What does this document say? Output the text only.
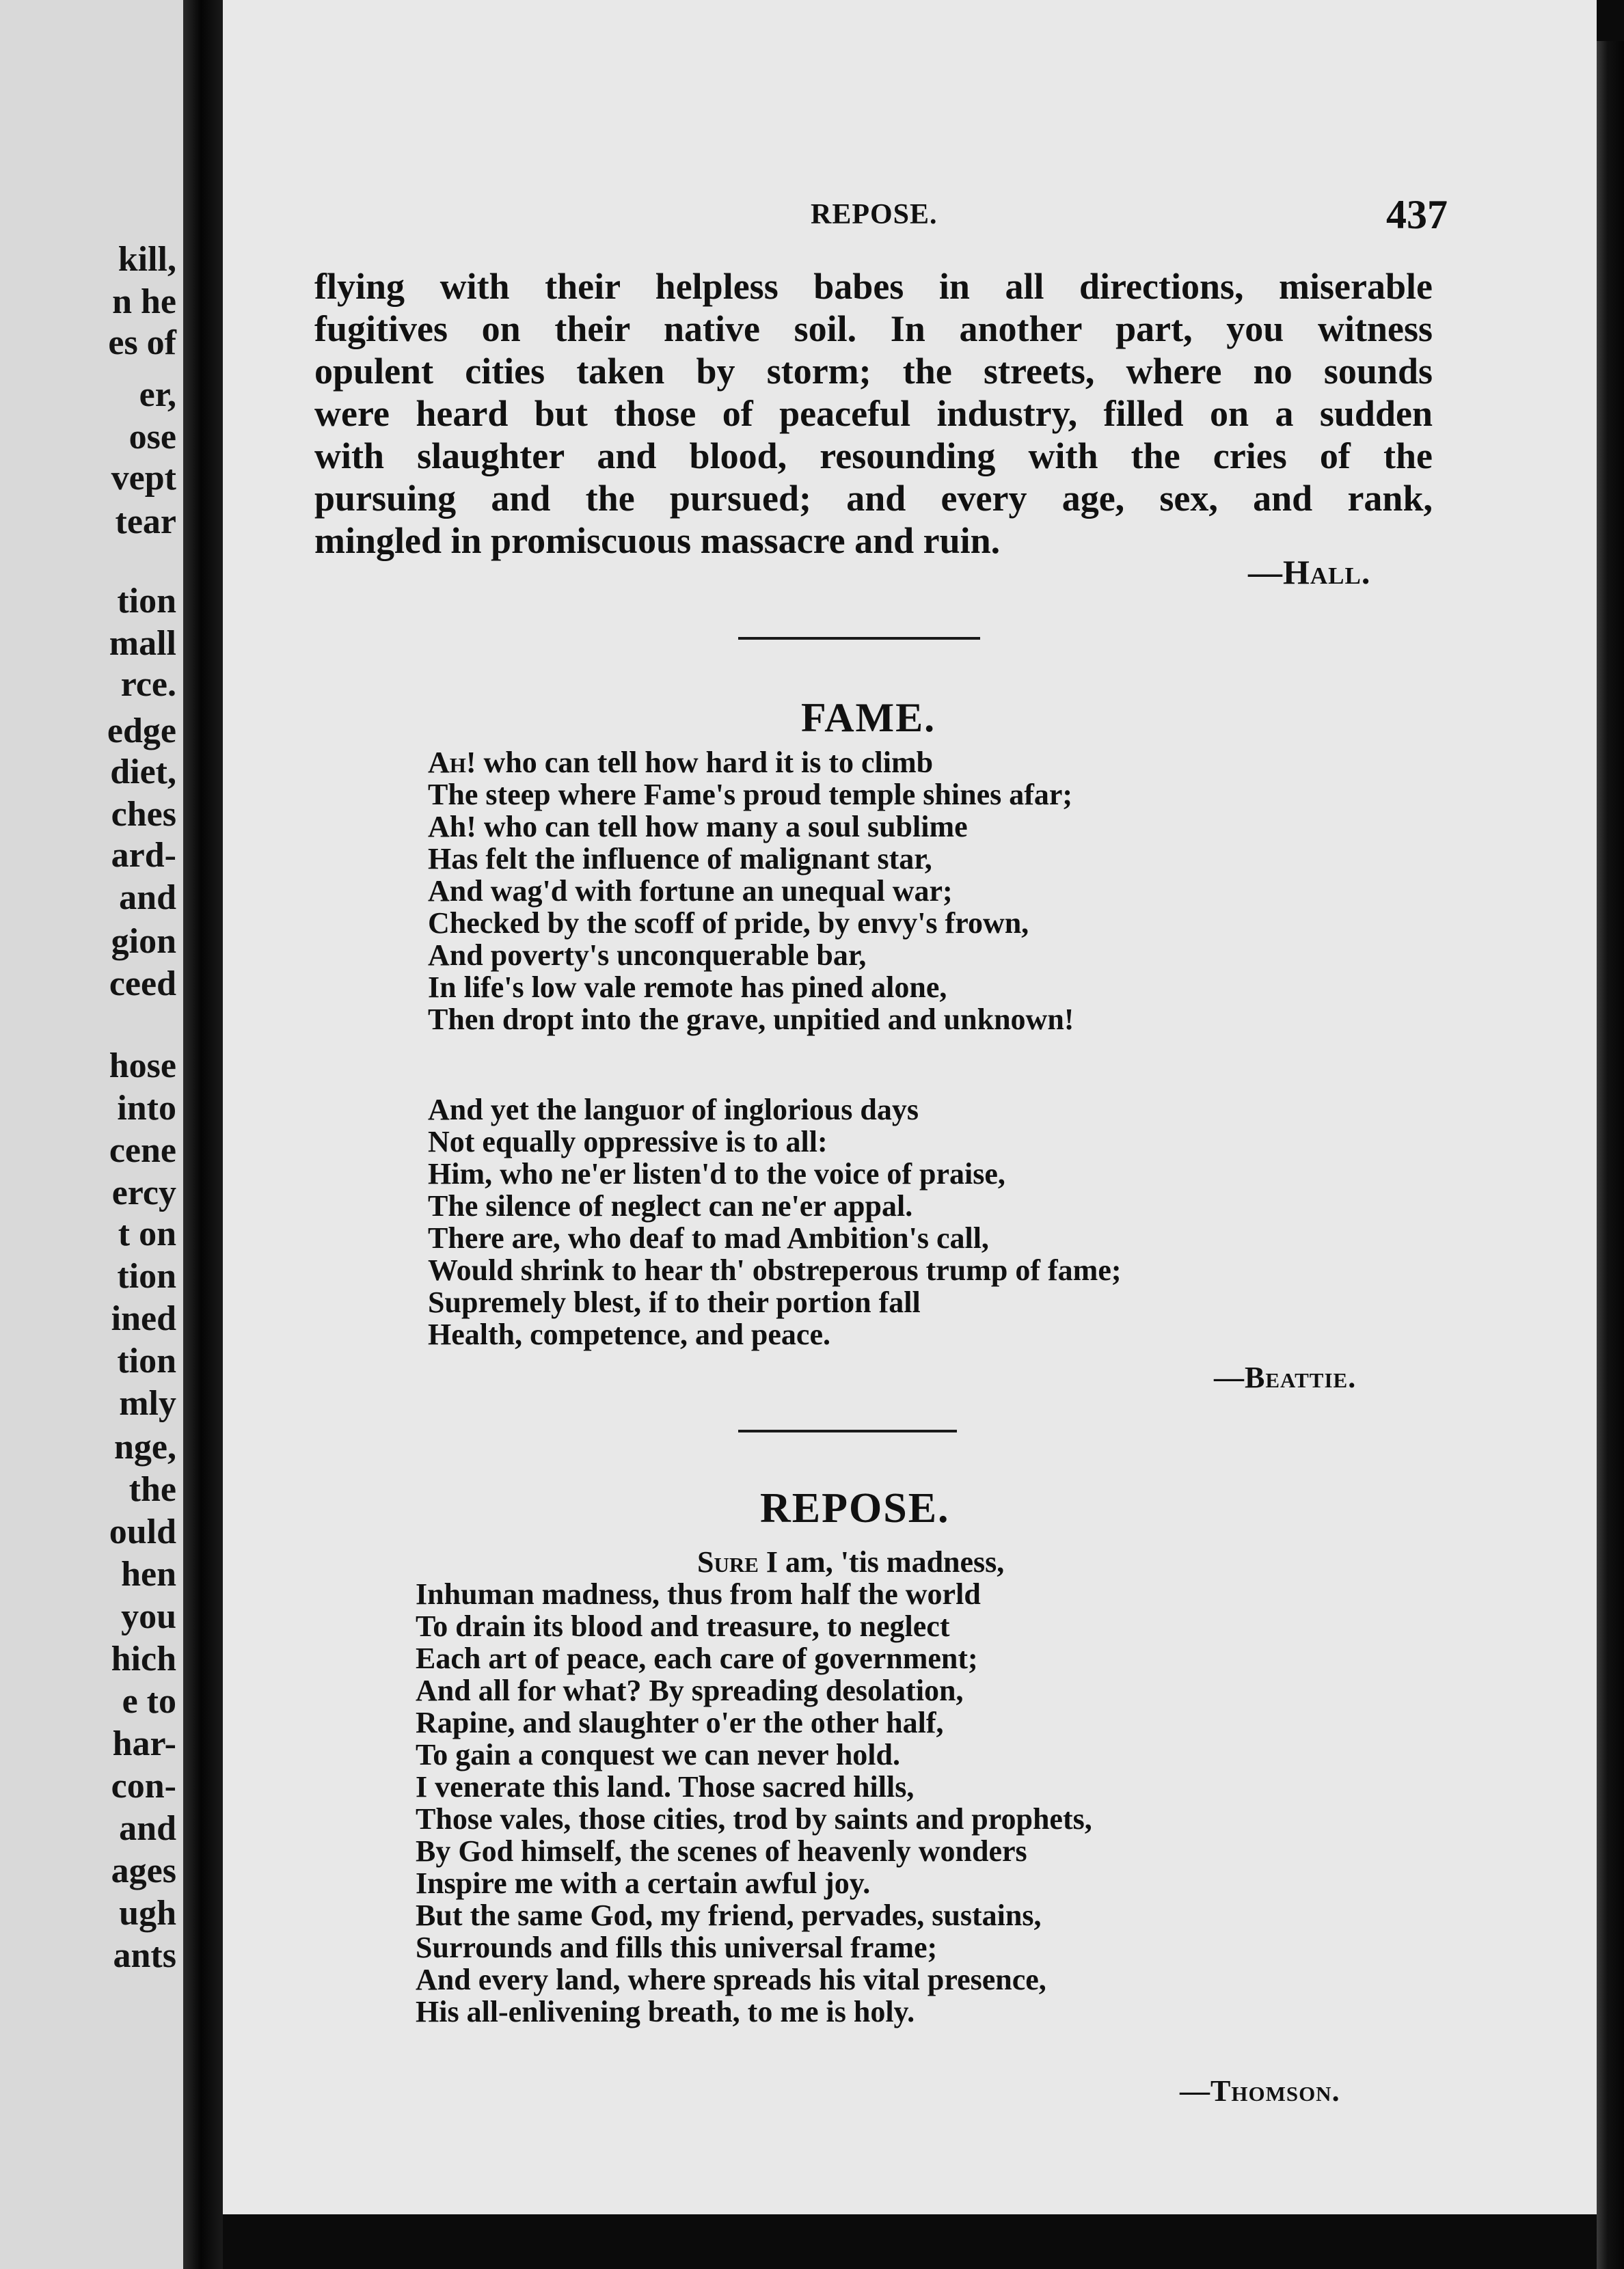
kill,
n he
es of
er,
ose
vept
tear
tion
mall
rce.
edge
diet,
ches
ard-
and
gion
ceed
hose
into
cene
ercy
t on
tion
ined
tion
mly
nge,
the
ould
hen
you
hich
e to
har-
con-
and
ages
ugh
ants
REPOSE.	437
flying with their helpless babes in all directions, miserable
fugitives on their native soil. In another part, you witness
opulent cities taken by storm; the streets, where no sounds
were heard but those of peaceful industry, filled on a sudden
with slaughter and blood, resounding with the cries of the
pursuing and the pursued; and every age, sex, and rank,
mingled in promiscuous massacre and ruin.
—Hall.
FAME.
Ah! who can tell how hard it is to climb
The steep where Fame's proud temple shines afar;
Ah! who can tell how many a soul sublime
Has felt the influence of malignant star,
And wag'd with fortune an unequal war;
Checked by the scoff of pride, by envy's frown,
And poverty's unconquerable bar,
In life's low vale remote has pined alone,
Then dropt into the grave, unpitied and unknown!
And yet the languor of inglorious days
Not equally oppressive is to all:
Him, who ne'er listen'd to the voice of praise,
The silence of neglect can ne'er appal.
There are, who deaf to mad Ambition's call,
Would shrink to hear th' obstreperous trump of fame;
Supremely blest, if to their portion fall
Health, competence, and peace.
—Beattie.
REPOSE.
Sure I am, 'tis madness,
Inhuman madness, thus from half the world
To drain its blood and treasure, to neglect
Each art of peace, each care of government;
And all for what? By spreading desolation,
Rapine, and slaughter o'er the other half,
To gain a conquest we can never hold.
I venerate this land. Those sacred hills,
Those vales, those cities, trod by saints and prophets,
By God himself, the scenes of heavenly wonders
Inspire me with a certain awful joy.
But the same God, my friend, pervades, sustains,
Surrounds and fills this universal frame;
And every land, where spreads his vital presence,
His all-enlivening breath, to me is holy.
—Thomson.
